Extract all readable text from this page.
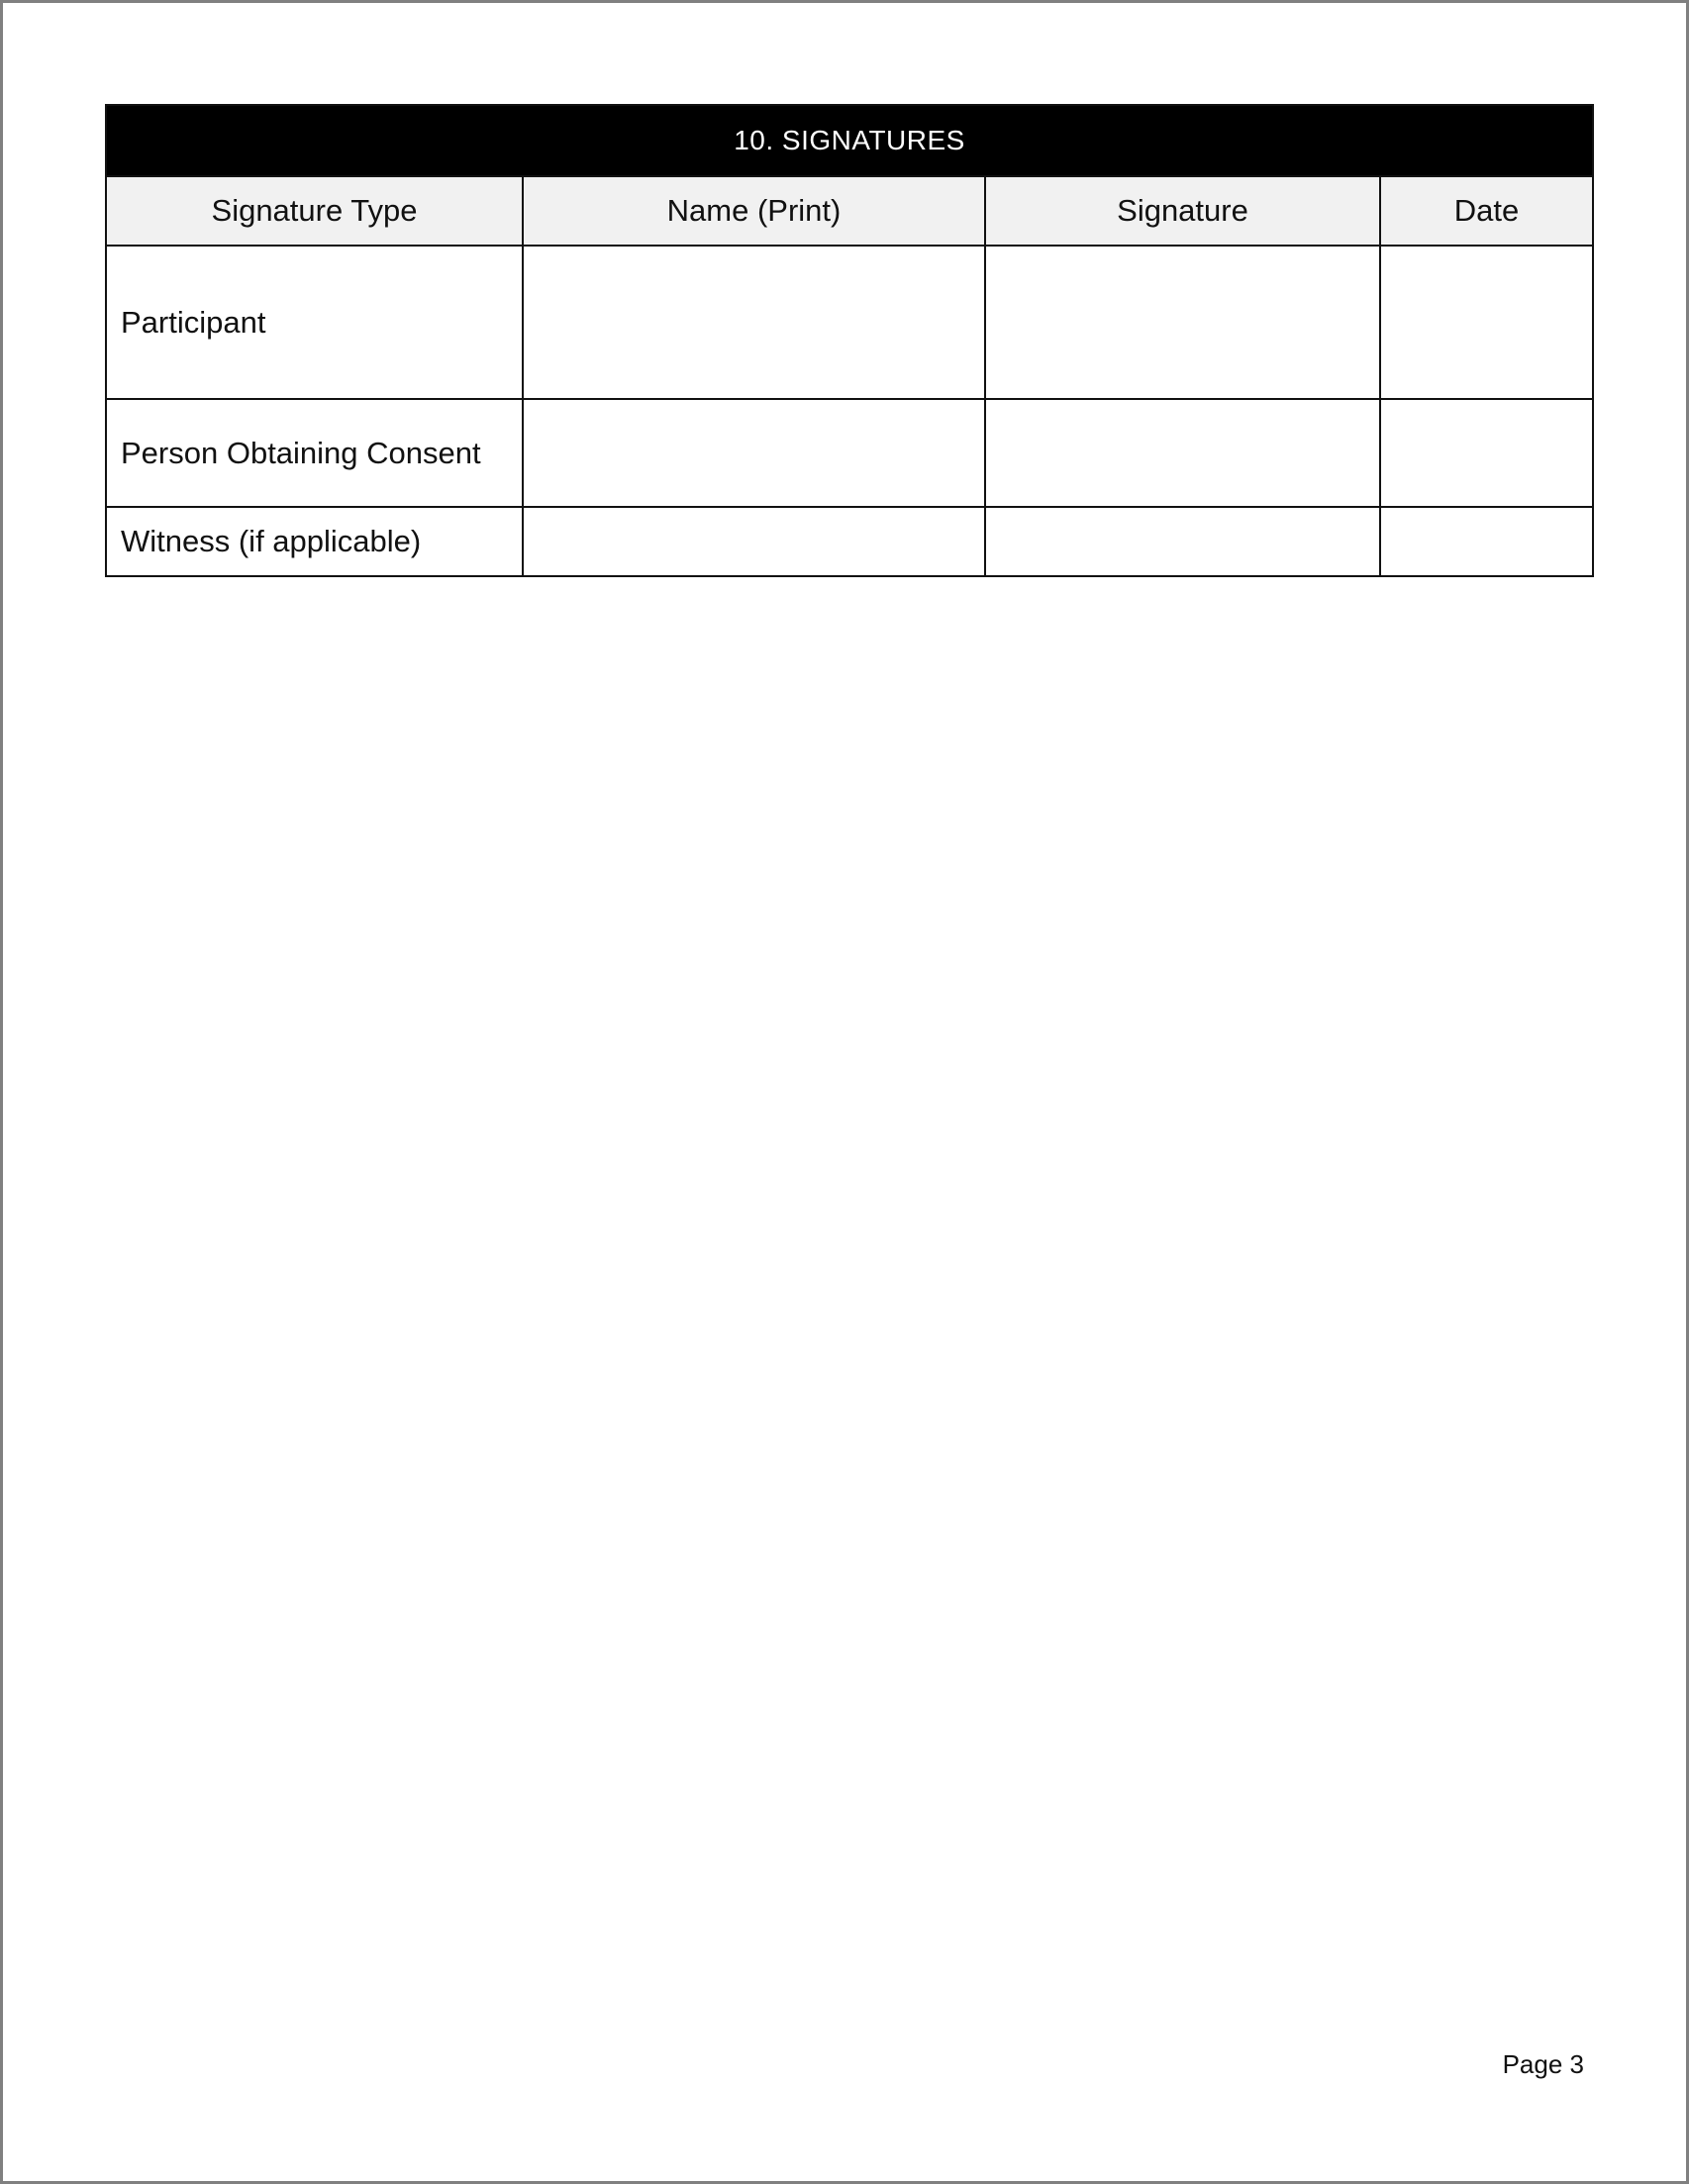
10. SIGNATURES			
Signature Type	Name (Print)	Signature	Date
Participant			
Person Obtaining Consent			
Witness (if applicable)			
Page 3
